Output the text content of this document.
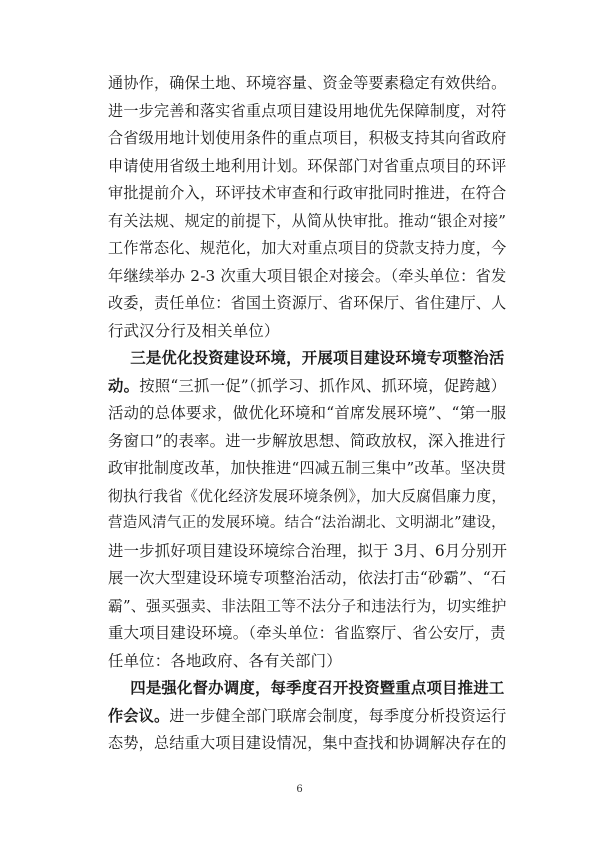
通协作，确保土地、环境容量、资金等要素稳定有效供给。
进一步完善和落实省重点项目建设用地优先保障制度，对符
合省级用地计划使用条件的重点项目，积极支持其向省政府
申请使用省级土地利用计划。环保部门对省重点项目的环评
审批提前介入，环评技术审查和行政审批同时推进，在符合
有关法规、规定的前提下，从简从快审批。推动“银企对接”
工作常态化、规范化，加大对重点项目的贷款支持力度，今
年继续举办 2-3 次重大项目银企对接会。（牵头单位：省发
改委，责任单位：省国土资源厅、省环保厅、省住建厅、人
行武汉分行及相关单位）
三是优化投资建设环境，开展项目建设环境专项整治活
动。按照“三抓一促”（抓学习、抓作风、抓环境，促跨越）
活动的总体要求，做优化环境和“首席发展环境”、“第一服
务窗口”的表率。进一步解放思想、简政放权，深入推进行
政审批制度改革，加快推进“四减五制三集中”改革。坚决贯
彻执行我省《优化经济发展环境条例》，加大反腐倡廉力度，
营造风清气正的发展环境。结合“法治湖北、文明湖北”建设，
进一步抓好项目建设环境综合治理，拟于 3月、6月分别开
展一次大型建设环境专项整治活动，依法打击“砂霸”、“石
霸”、强买强卖、非法阻工等不法分子和违法行为，切实维护
重大项目建设环境。（牵头单位：省监察厅、省公安厅，责
任单位：各地政府、各有关部门）
四是强化督办调度，每季度召开投资暨重点项目推进工
作会议。进一步健全部门联席会制度，每季度分析投资运行
态势，总结重大项目建设情况，集中查找和协调解决存在的
6
